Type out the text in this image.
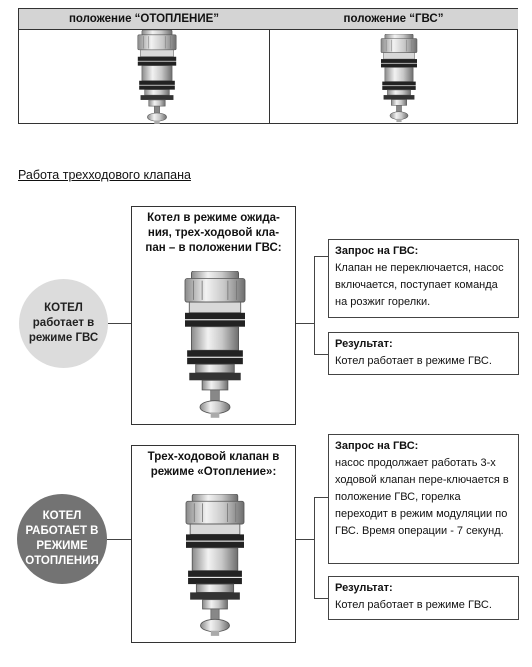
положение “ОТОПЛЕНИЕ”	положение “ГВС”
Работа трехходового клапана
КОТЕЛ работает в режиме ГВС
Котел в режиме ожида-ния, трех-ходовой кла-пан – в положении ГВС:	Запрос на ГВС:
Клапан не переключается, насос включается, поступает команда на розжиг горелки.
Результат:
Котел работает в режиме ГВС.
КОТЕЛ РАБОТАЕТ В РЕЖИМЕ ОТОПЛЕНИЯ
Трех-ходовой клапан в режиме «Отопление»:
Запрос на ГВС:
насос продолжает работать 3-х ходовой клапан пере-ключается в положение ГВС, горелка переходит в режим модуляции по ГВС. Время операции - 7 секунд.
Результат:
Котел работает в режиме ГВС.
